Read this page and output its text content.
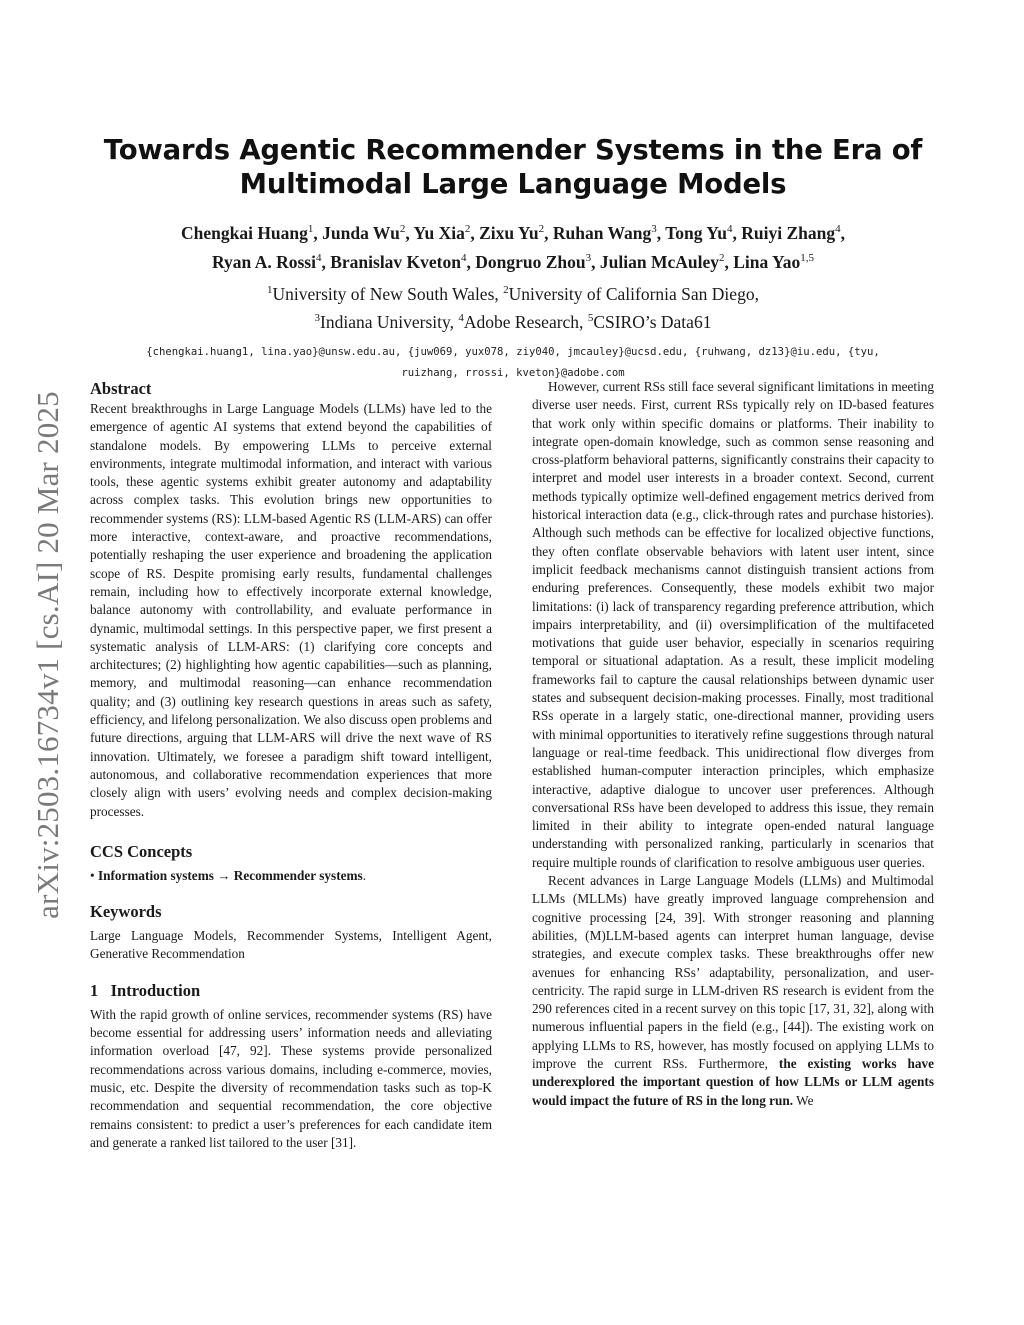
arXiv:2503.16734v1 [cs.AI] 20 Mar 2025
Towards Agentic Recommender Systems in the Era of Multimodal Large Language Models
Chengkai Huang$^1$, Junda Wu$^2$, Yu Xia$^2$, Zixu Yu$^2$, Ruhan Wang$^3$, Tong Yu$^4$, Ruiyi Zhang$^4$,
Ryan A. Rossi$^4$, Branislav Kveton$^4$, Dongruo Zhou$^3$, Julian McAuley$^2$, Lina Yao$^{1,5}$
$^1$University of New South Wales, $^2$University of California San Diego,
$^3$Indiana University, $^4$Adobe Research, $^5$CSIRO’s Data61
{chengkai.huang1, lina.yao}@unsw.edu.au, {juw069, yux078, ziy040, jmcauley}@ucsd.edu, {ruhwang, dz13}@iu.edu, {tyu,
ruizhang, rrossi, kveton}@adobe.com
Abstract

Recent breakthroughs in Large Language Models (LLMs) have led to the emergence of agentic AI systems that extend beyond the capabilities of standalone models. By empowering LLMs to perceive external environments, integrate multimodal information, and interact with various tools, these agentic systems exhibit greater autonomy and adaptability across complex tasks. This evolution brings new opportunities to recommender systems (RS): LLM-based Agentic RS (LLM-ARS) can offer more interactive, context-aware, and proactive recommendations, potentially reshaping the user experience and broadening the application scope of RS. Despite promising early results, fundamental challenges remain, including how to effectively incorporate external knowledge, balance autonomy with controllability, and evaluate performance in dynamic, multimodal settings. In this perspective paper, we first present a systematic analysis of LLM-ARS: (1) clarifying core concepts and architectures; (2) highlighting how agentic capabilities—such as planning, memory, and multimodal reasoning—can enhance recommendation quality; and (3) outlining key research questions in areas such as safety, efficiency, and lifelong personalization. We also discuss open problems and future directions, arguing that LLM-ARS will drive the next wave of RS innovation. Ultimately, we foresee a paradigm shift toward intelligent, autonomous, and collaborative recommendation experiences that more closely align with users’ evolving needs and complex decision-making processes.

CCS Concepts

• Information systems → Recommender systems.

Keywords

Large Language Models, Recommender Systems, Intelligent Agent, Generative Recommendation

1   Introduction

With the rapid growth of online services, recommender systems (RS) have become essential for addressing users’ information needs and alleviating information overload [47, 92]. These systems provide personalized recommendations across various domains, including e-commerce, movies, music, etc. Despite the diversity of recommendation tasks such as top-K recommendation and sequential recommendation, the core objective remains consistent: to predict a user’s preferences for each candidate item and generate a ranked list tailored to the user [31].

However, current RSs still face several significant limitations in meeting diverse user needs. First, current RSs typically rely on ID-based features that work only within specific domains or platforms. Their inability to integrate open-domain knowledge, such as common sense reasoning and cross-platform behavioral patterns, significantly constrains their capacity to interpret and model user interests in a broader context. Second, current methods typically optimize well-defined engagement metrics derived from historical interaction data (e.g., click-through rates and purchase histories). Although such methods can be effective for localized objective functions, they often conflate observable behaviors with latent user intent, since implicit feedback mechanisms cannot distinguish transient actions from enduring preferences. Consequently, these models exhibit two major limitations: (i) lack of transparency regarding preference attribution, which impairs interpretability, and (ii) oversimplification of the multifaceted motivations that guide user behavior, especially in scenarios requiring temporal or situational adaptation. As a result, these implicit modeling frameworks fail to capture the causal relationships between dynamic user states and subsequent decision-making processes. Finally, most traditional RSs operate in a largely static, one-directional manner, providing users with minimal opportunities to iteratively refine suggestions through natural language or real-time feedback. This unidirectional flow diverges from established human-computer interaction principles, which emphasize interactive, adaptive dialogue to uncover user preferences. Although conversational RSs have been developed to address this issue, they remain limited in their ability to integrate open-ended natural language understanding with personalized ranking, particularly in scenarios that require multiple rounds of clarification to resolve ambiguous user queries.

Recent advances in Large Language Models (LLMs) and Multimodal LLMs (MLLMs) have greatly improved language comprehension and cognitive processing [24, 39]. With stronger reasoning and planning abilities, (M)LLM-based agents can interpret human language, devise strategies, and execute complex tasks. These breakthroughs offer new avenues for enhancing RSs’ adaptability, personalization, and user-centricity. The rapid surge in LLM-driven RS research is evident from the 290 references cited in a recent survey on this topic [17, 31, 32], along with numerous influential papers in the field (e.g., [44]). The existing work on applying LLMs to RS, however, has mostly focused on applying LLMs to improve the current RSs. Furthermore, the existing works have underexplored the important question of how LLMs or LLM agents would impact the future of RS in the long run. We
